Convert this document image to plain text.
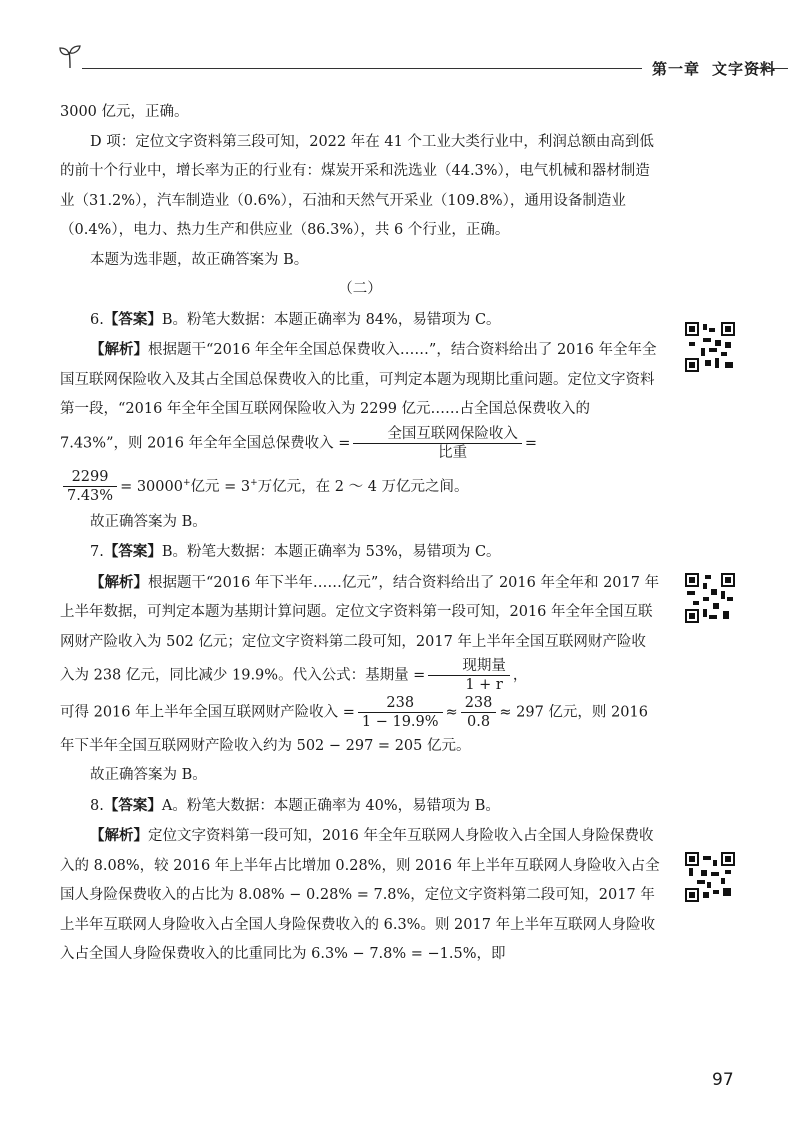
第一章 文字资料

3000 亿元，正确。

D 项：定位文字资料第三段可知，2022 年在 41 个工业大类行业中，利润总额由高到低的前十个行业中，增长率为正的行业有：煤炭开采和洗选业（44.3%），电气机械和器材制造业（31.2%），汽车制造业（0.6%），石油和天然气开采业（109.8%），通用设备制造业（0.4%），电力、热力生产和供应业（86.3%），共 6 个行业，正确。

本题为选非题，故正确答案为 B。

（二）

6.【答案】B。粉笔大数据：本题正确率为 84%，易错项为 C。

【解析】根据题干“2016 年全年全国总保费收入……”，结合资料给出了 2016 年全年全国互联网保险收入及其占全国总保费收入的比重，可判定本题为现期比重问题。定位文字资料第一段，“2016 年全年全国互联网保险收入为 2299 亿元……占全国总保费收入的 7.43%”，则 2016 年全年全国总保费收入 = $\frac{\text{全国互联网保险收入}}{\text{比重}}$ =

$\frac{2299}{7.43\%} = 30000^+$亿元 = 3+万亿元，在 2 ～ 4 万亿元之间。

故正确答案为 B。

7.【答案】B。粉笔大数据：本题正确率为 53%，易错项为 C。

【解析】根据题干“2016 年下半年……亿元”，结合资料给出了 2016 年全年和 2017 年上半年数据，可判定本题为基期计算问题。定位文字资料第一段可知，2016 年全年全国互联网财产险收入为 502 亿元；定位文字资料第二段可知，2017 年上半年全国互联网财产险收入为 238 亿元，同比减少 19.9%。代入公式：基期量 = $\frac{\text{现期量}}{1 + r}$ ，

可得 2016 年上半年全国互联网财产险收入 = $\frac{238}{1 - 19.9\%} \approx \frac{238}{0.8} \approx 297$ 亿元，则 2016 年下半年全国互联网财产险收入约为 502 − 297 = 205 亿元。

故正确答案为 B。

8.【答案】A。粉笔大数据：本题正确率为 40%，易错项为 B。

【解析】定位文字资料第一段可知，2016 年全年互联网人身险收入占全国人身险保费收入的 8.08%，较 2016 年上半年占比增加 0.28%，则 2016 年上半年互联网人身险收入占全国人身险保费收入的占比为 8.08% − 0.28% = 7.8%，定位文字资料第二段可知，2017 年上半年互联网人身险收入占全国人身险保费收入的 6.3%。则 2017 年上半年互联网人身险收入占全国人身险保费收入的比重同比为 6.3% − 7.8% = −1.5%，即

97
